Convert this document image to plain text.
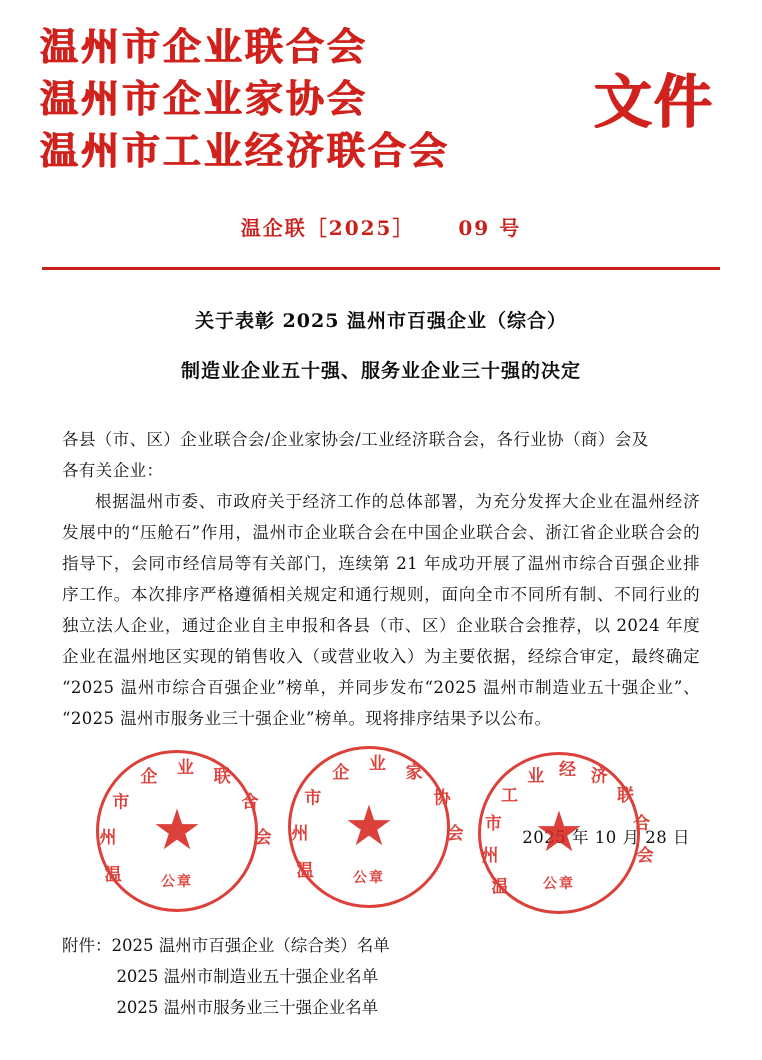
温州市企业联合会
温州市企业家协会
温州市工业经济联合会
文件
温企联［2025］ 09 号
关于表彰 2025 温州市百强企业（综合）
制造业企业五十强、服务业企业三十强的决定

各县（市、区）企业联合会/企业家协会/工业经济联合会，各行业协（商）会及

各有关企业：

根据温州市委、市政府关于经济工作的总体部署，为充分发挥大企业在温州经济发展中的“压舱石”作用，温州市企业联合会在中国企业联合会、浙江省企业联合会的指导下，会同市经信局等有关部门，连续第 21 年成功开展了温州市综合百强企业排序工作。本次排序严格遵循相关规定和通行规则，面向全市不同所有制、不同行业的独立法人企业，通过企业自主申报和各县（市、区）企业联合会推荐，以 2024 年度企业在温州地区实现的销售收入（或营业收入）为主要依据，经综合审定，最终确定“2025 温州市综合百强企业”榜单，并同步发布“2025 温州市制造业五十强企业”、“2025 温州市服务业三十强企业”榜单。现将排序结果予以公布。

2025 年 10 月 28 日
温
州
市
企 业 联
合
会
★
公章
温
州
市
企 业 家
协
会
★
公章	温
州
市
工
业 经 济
联
合
会
★
公章

附件：2025 温州市百强企业（综合类）名单

2025 温州市制造业五十强企业名单

2025 温州市服务业三十强企业名单
